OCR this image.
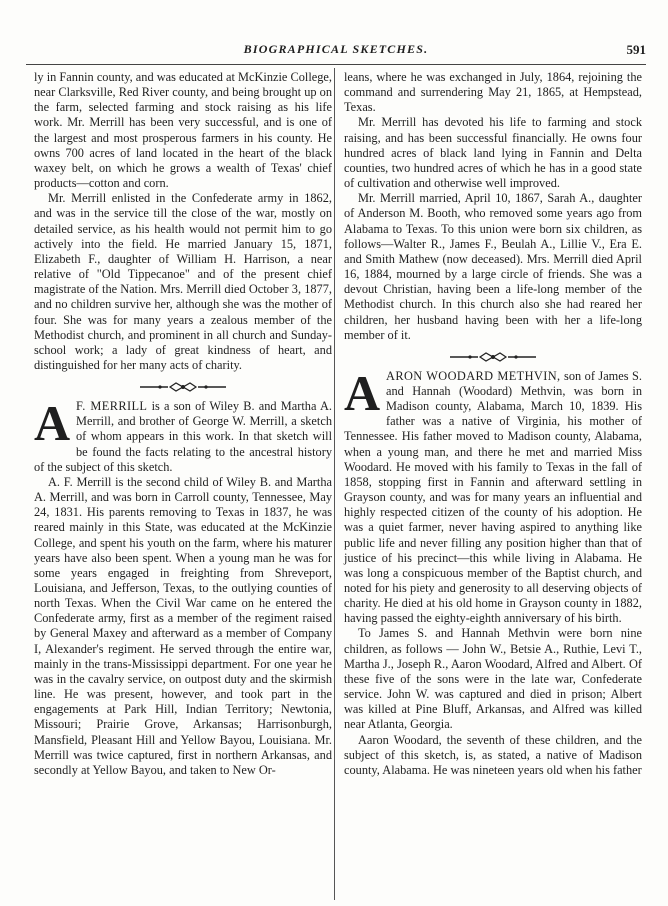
BIOGRAPHICAL SKETCHES.	591

ly in Fannin county, and was educated at McKinzie College, near Clarksville, Red River county, and being brought up on the farm, selected farming and stock raising as his life work. Mr. Merrill has been very successful, and is one of the largest and most prosperous farmers in his county. He owns 700 acres of land located in the heart of the black waxey belt, on which he grows a wealth of Texas' chief products—cotton and corn.

Mr. Merrill enlisted in the Confederate army in 1862, and was in the service till the close of the war, mostly on detailed service, as his health would not permit him to go actively into the field. He married January 15, 1871, Elizabeth F., daughter of William H. Harrison, a near relative of "Old Tippecanoe" and of the present chief magistrate of the Nation. Mrs. Merrill died October 3, 1877, and no children survive her, although she was the mother of four. She was for many years a zealous member of the Methodist church, and prominent in all church and Sunday-school work; a lady of great kindness of heart, and distinguished for her many acts of charity.

A F. MERRILL is a son of Wiley B. and Martha A. Merrill, and brother of George W. Merrill, a sketch of whom appears in this work. In that sketch will be found the facts relating to the ancestral history of the subject of this sketch.

A. F. Merrill is the second child of Wiley B. and Martha A. Merrill, and was born in Carroll county, Tennessee, May 24, 1831. His parents removing to Texas in 1837, he was reared mainly in this State, was educated at the McKinzie College, and spent his youth on the farm, where his maturer years have also been spent. When a young man he was for some years engaged in freighting from Shreveport, Louisiana, and Jefferson, Texas, to the outlying counties of north Texas. When the Civil War came on he entered the Confederate army, first as a member of the regiment raised by General Maxey and afterward as a member of Company I, Alexander's regiment. He served through the entire war, mainly in the trans-Mississippi department. For one year he was in the cavalry service, on outpost duty and the skirmish line. He was present, however, and took part in the engagements at Park Hill, Indian Territory; Newtonia, Missouri; Prairie Grove, Arkansas; Harrisonburgh, Mansfield, Pleasant Hill and Yellow Bayou, Louisiana. Mr. Merrill was twice captured, first in northern Arkansas, and secondly at Yellow Bayou, and taken to New Or-

leans, where he was exchanged in July, 1864, rejoining the command and surrendering May 21, 1865, at Hempstead, Texas.

Mr. Merrill has devoted his life to farming and stock raising, and has been successful financially. He owns four hundred acres of black land lying in Fannin and Delta counties, two hundred acres of which he has in a good state of cultivation and otherwise well improved.

Mr. Merrill married, April 10, 1867, Sarah A., daughter of Anderson M. Booth, who removed some years ago from Alabama to Texas. To this union were born six children, as follows—Walter R., James F., Beulah A., Lillie V., Era E. and Smith Mathew (now deceased). Mrs. Merrill died April 16, 1884, mourned by a large circle of friends. She was a devout Christian, having been a life-long member of the Methodist church. In this church also she had reared her children, her husband having been with her a life-long member of it.

A ARON WOODARD METHVIN, son of James S. and Hannah (Woodard) Methvin, was born in Madison county, Alabama, March 10, 1839. His father was a native of Virginia, his mother of Tennessee. His father moved to Madison county, Alabama, when a young man, and there he met and married Miss Woodard. He moved with his family to Texas in the fall of 1858, stopping first in Fannin and afterward settling in Grayson county, and was for many years an influential and highly respected citizen of the county of his adoption. He was a quiet farmer, never having aspired to anything like public life and never filling any position higher than that of justice of his precinct—this while living in Alabama. He was long a conspicuous member of the Baptist church, and noted for his piety and generosity to all deserving objects of charity. He died at his old home in Grayson county in 1882, having passed the eighty-eighth anniversary of his birth.

To James S. and Hannah Methvin were born nine children, as follows — John W., Betsie A., Ruthie, Levi T., Martha J., Joseph R., Aaron Woodard, Alfred and Albert. Of these five of the sons were in the late war, Confederate service. John W. was captured and died in prison; Albert was killed at Pine Bluff, Arkansas, and Alfred was killed near Atlanta, Georgia.

Aaron Woodard, the seventh of these children, and the subject of this sketch, is, as stated, a native of Madison county, Alabama. He was nineteen years old when his father
